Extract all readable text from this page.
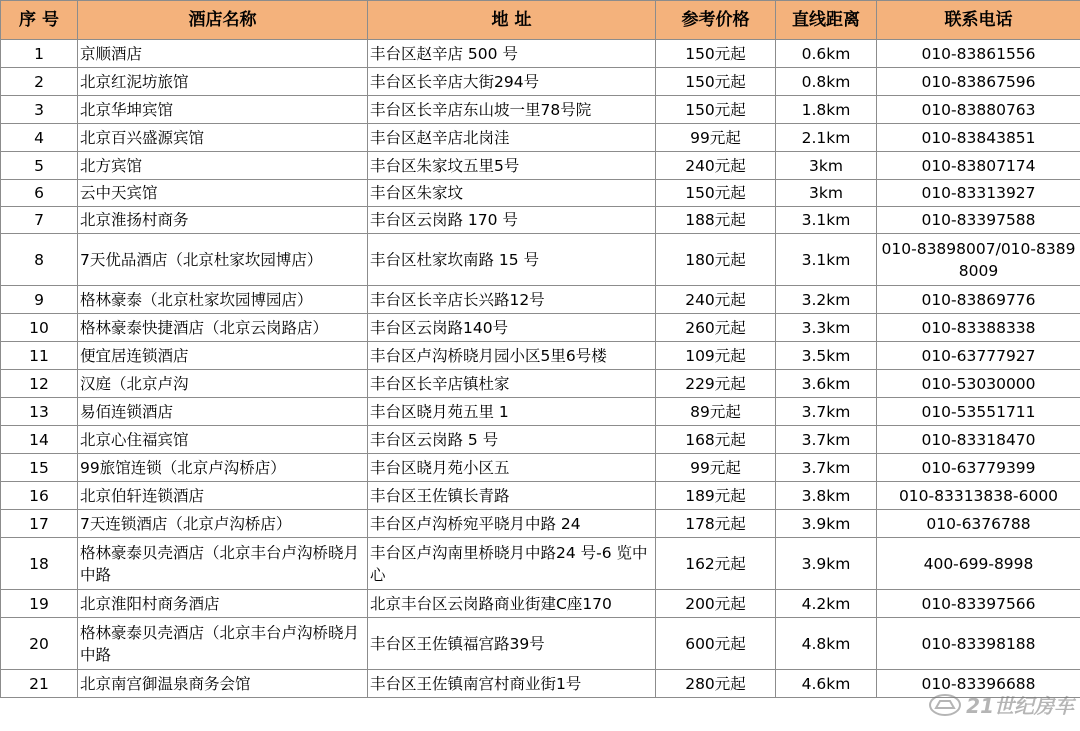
序 号	酒店名称	地 址	参考价格	直线距离	联系电话
1	京顺酒店	丰台区赵辛店 500 号	150元起	0.6km	010-83861556
2	北京红泥坊旅馆	丰台区长辛店大街294号	150元起	0.8km	010-83867596
3	北京华坤宾馆	丰台区长辛店东山坡一里78号院	150元起	1.8km	010-83880763
4	北京百兴盛源宾馆	丰台区赵辛店北岗洼	99元起	2.1km	010-83843851
5	北方宾馆	丰台区朱家坟五里5号	240元起	3km	010-83807174
6	云中天宾馆	丰台区朱家坟	150元起	3km	010-83313927
7	北京淮扬村商务	丰台区云岗路 170 号	188元起	3.1km	010-83397588
8	7天优品酒店（北京杜家坎园博店）	丰台区杜家坎南路 15 号	180元起	3.1km	010-83898007/010-83898009
9	格林豪泰（北京杜家坎园博园店）	丰台区长辛店长兴路12号	240元起	3.2km	010-83869776
10	格林豪泰快捷酒店（北京云岗路店）	丰台区云岗路140号	260元起	3.3km	010-83388338
11	便宜居连锁酒店	丰台区卢沟桥晓月园小区5里6号楼	109元起	3.5km	010-63777927
12	汉庭（北京卢沟	丰台区长辛店镇杜家	229元起	3.6km	010-53030000
13	易佰连锁酒店	丰台区晓月苑五里 1	89元起	3.7km	010-53551711
14	北京心住福宾馆	丰台区云岗路 5 号	168元起	3.7km	010-83318470
15	99旅馆连锁（北京卢沟桥店）	丰台区晓月苑小区五	99元起	3.7km	010-63779399
16	北京伯轩连锁酒店	丰台区王佐镇长青路	189元起	3.8km	010-83313838-6000
17	7天连锁酒店（北京卢沟桥店）	丰台区卢沟桥宛平晓月中路 24	178元起	3.9km	010-6376788
18	格林豪泰贝壳酒店（北京丰台卢沟桥晓月中路	丰台区卢沟南里桥晓月中路24 号-6 览中心	162元起	3.9km	400-699-8998
19	北京淮阳村商务酒店	北京丰台区云岗路商业街建C座170	200元起	4.2km	010-83397566
20	格林豪泰贝壳酒店（北京丰台卢沟桥晓月中路	丰台区王佐镇福宫路39号	600元起	4.8km	010-83398188
21	北京南宫御温泉商务会馆	丰台区王佐镇南宫村商业街1号	280元起	4.6km	010-83396688
21世纪房车
